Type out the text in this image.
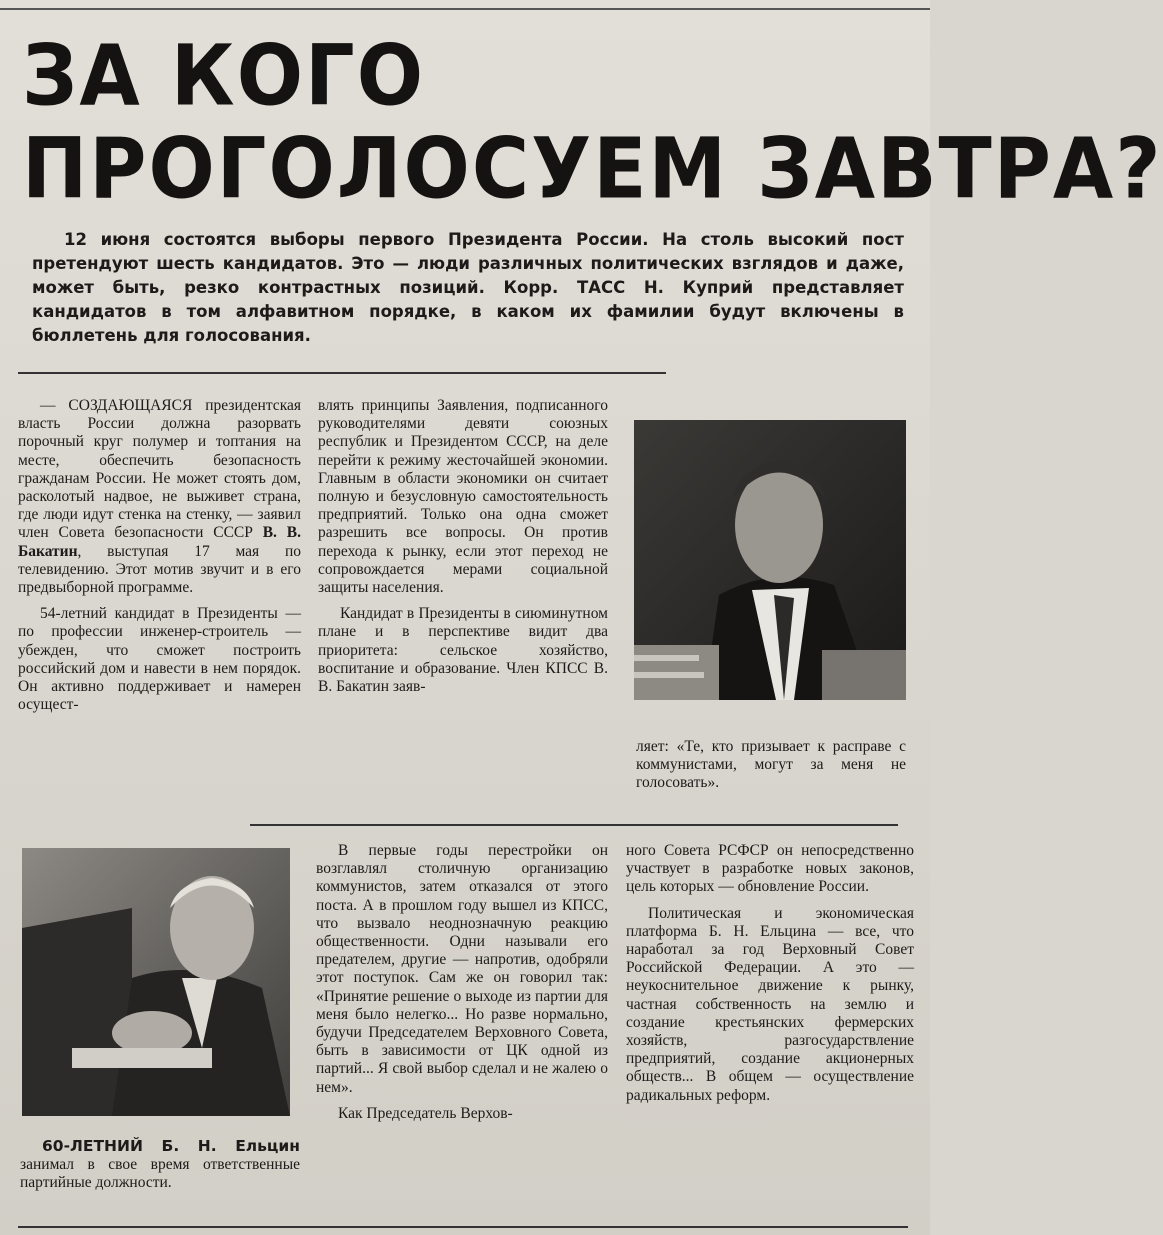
ЗА КОГО
ПРОГОЛОСУЕМ ЗАВТРА?
12 июня состоятся выборы первого Президента России. На столь высокий пост претендуют шесть кандидатов. Это — люди различных политических взглядов и даже, может быть, резко контрастных позиций. Корр. ТАСС Н. Куприй представляет кандидатов в том алфавитном порядке, в каком их фамилии будут включены в бюллетень для голосования.

— СОЗДАЮЩАЯСЯ президентская власть России должна разорвать порочный круг полумер и топтания на месте, обеспечить безопасность гражданам России. Не может стоять дом, расколотый надвое, не выживет страна, где люди идут стенка на стенку, — заявил член Совета безопасности СССР В. В. Бакатин, выступая 17 мая по телевидению. Этот мотив звучит и в его предвыборной программе.

54-летний кандидат в Президенты — по профессии инженер-строитель — убежден, что сможет построить российский дом и навести в нем порядок. Он активно поддерживает и намерен осущест-

влять принципы Заявления, подписанного руководителями девяти союзных республик и Президентом СССР, на деле перейти к режиму жесточайшей экономии. Главным в области экономики он считает полную и безусловную самостоятельность предприятий. Только она одна сможет разрешить все вопросы. Он против перехода к рынку, если этот переход не сопровождается мерами социальной защиты населения.

Кандидат в Президенты в сиюминутном плане и в перспективе видит два приоритета: сельское хозяйство, воспитание и образование. Член КПСС В. В. Бакатин заяв-

ляет: «Те, кто призывает к расправе с коммунистами, могут за меня не голосовать».

60-ЛЕТНИЙ Б. Н. Ельцин занимал в свое время ответственные партийные должности.

В первые годы перестройки он возглавлял столичную организацию коммунистов, затем отказался от этого поста. А в прошлом году вышел из КПСС, что вызвало неоднозначную реакцию общественности. Одни называли его предателем, другие — напротив, одобряли этот поступок. Сам же он говорил так: «Принятие решение о выходе из партии для меня было нелегко... Но разве нормально, будучи Председателем Верховного Совета, быть в зависимости от ЦК одной из партий... Я свой выбор сделал и не жалею о нем».

Как Председатель Верхов-

ного Совета РСФСР он непосредственно участвует в разработке новых законов, цель которых — обновление России.

Политическая и экономическая платформа Б. Н. Ельцина — все, что наработал за год Верховный Совет Российской Федерации. А это — неукоснительное движение к рынку, частная собственность на землю и создание крестьянских фермерских хозяйств, разгосударствление предприятий, создание акционерных обществ... В общем — осуществление радикальных реформ.
